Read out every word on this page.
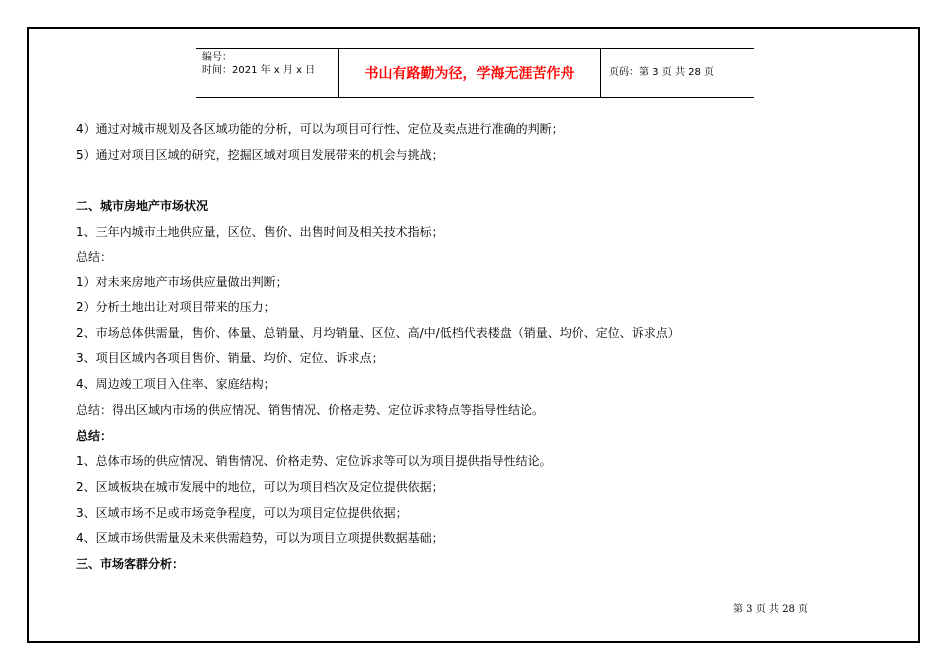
编号：
时间：2021 年 x 月 x 日	书山有路勤为径，学海无涯苦作舟	页码：第 3 页 共 28 页
4）通过对城市规划及各区域功能的分析，可以为项目可行性、定位及卖点进行准确的判断；
5）通过对项目区域的研究，挖掘区域对项目发展带来的机会与挑战；
二、城市房地产市场状况
1、三年内城市土地供应量，区位、售价、出售时间及相关技术指标；
总结：
1）对未来房地产市场供应量做出判断；
2）分析土地出让对项目带来的压力；
2、市场总体供需量，售价、体量、总销量、月均销量、区位、高/中/低档代表楼盘（销量、均价、定位、诉求点）
3、项目区域内各项目售价、销量、均价、定位、诉求点；
4、周边竣工项目入住率、家庭结构；
总结：得出区域内市场的供应情况、销售情况、价格走势、定位诉求特点等指导性结论。
总结：
1、总体市场的供应情况、销售情况、价格走势、定位诉求等可以为项目提供指导性结论。
2、区域板块在城市发展中的地位，可以为项目档次及定位提供依据；
3、区域市场不足或市场竞争程度，可以为项目定位提供依据；
4、区域市场供需量及未来供需趋势，可以为项目立项提供数据基础；
三、市场客群分析：
第 3 页 共 28 页
